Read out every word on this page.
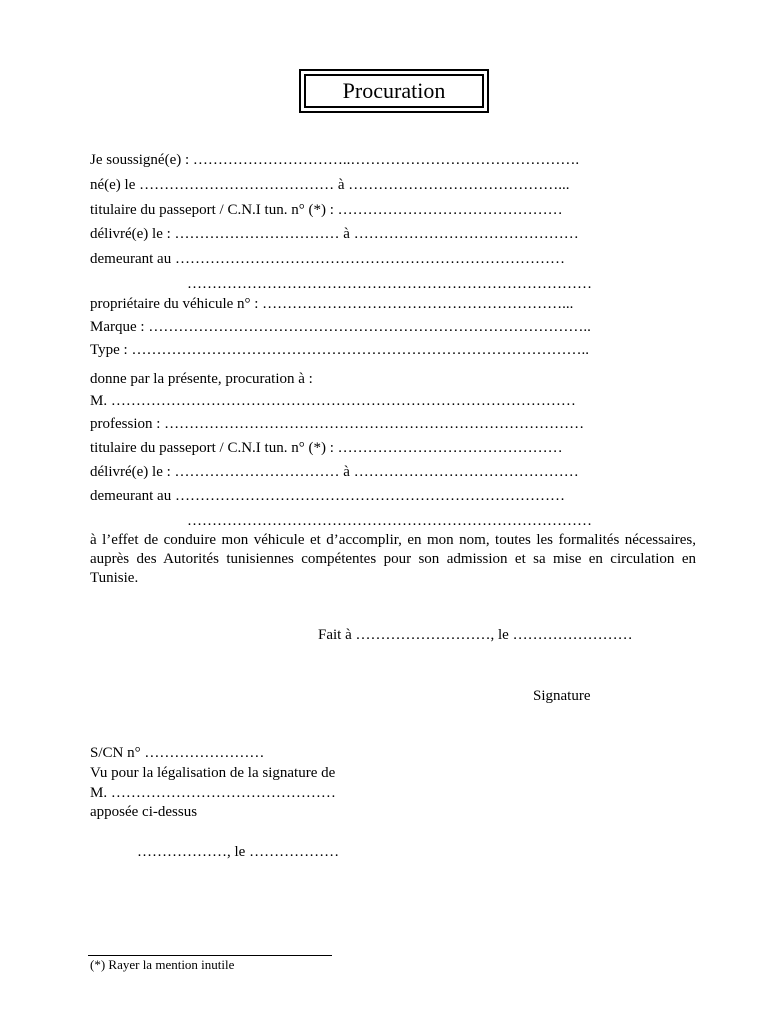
Procuration
Je soussigné(e) : …………………………..……………………………………….
né(e) le ………………………………… à ……………………………………...
titulaire du passeport / C.N.I tun. n° (*) : ………………………………………
délivré(e) le : …………………………… à ………………………………………
demeurant au ……………………………………………………………………
………………………………………………………………………
propriétaire du véhicule n° : ……………………………………………………...
Marque : ……………………………………………………………………………..
Type : ………………………………………………………………………………..
donne par la présente, procuration à :
M. …………………………………………………………………………………
profession : …………………………………………………………………………
titulaire du passeport / C.N.I tun. n° (*) : ………………………………………
délivré(e) le : …………………………… à ………………………………………
demeurant au ……………………………………………………………………
………………………………………………………………………
à l’effet de conduire mon véhicule et d’accomplir, en mon nom, toutes les formalités nécessaires, auprès des Autorités tunisiennes compétentes pour son admission et sa mise en circulation en Tunisie.
Fait à ………………………, le ……………………
Signature
S/CN n° ……………………
Vu pour la légalisation de la signature de
M. ………………………………………
apposée ci-dessus
………………, le ………………
(*) Rayer la mention inutile
